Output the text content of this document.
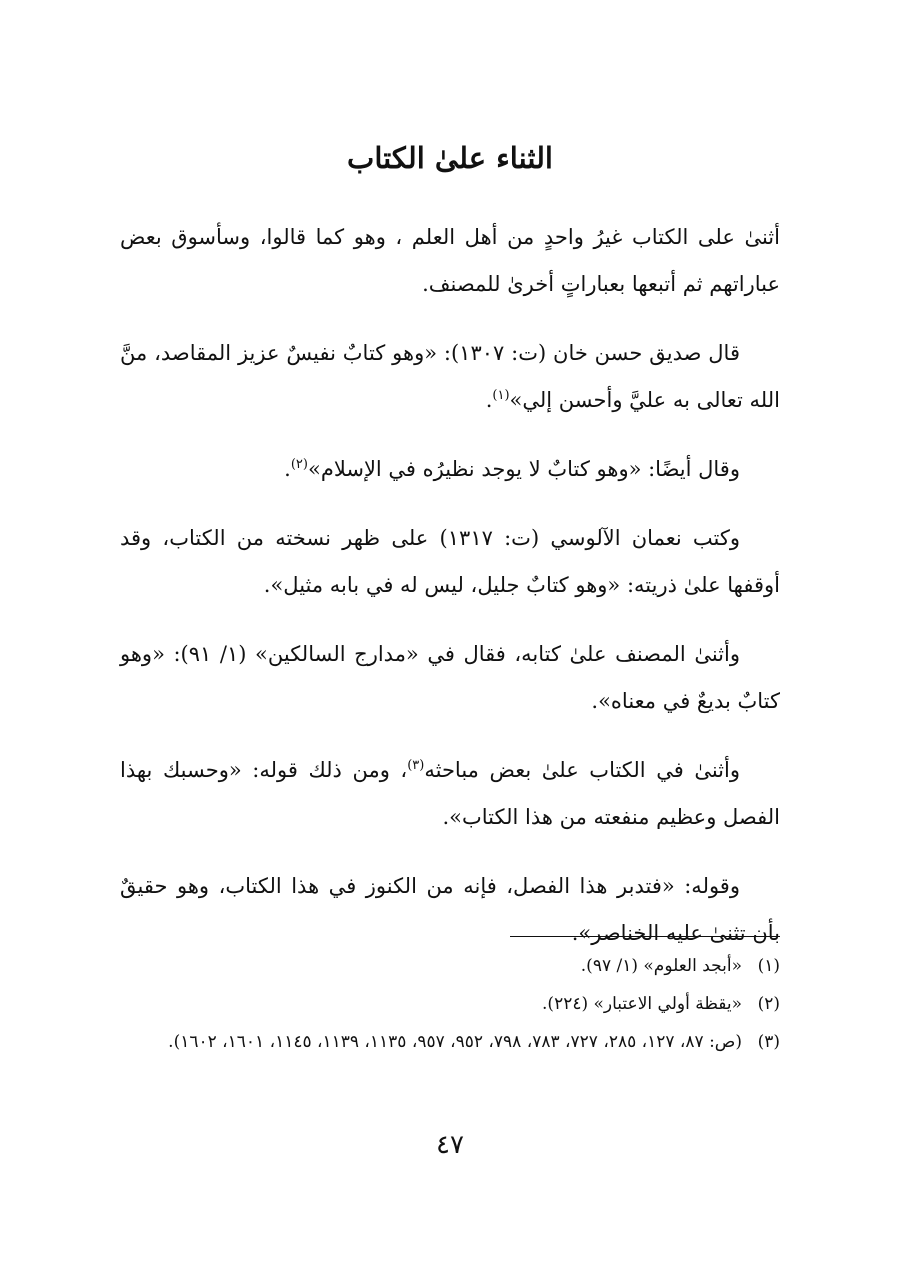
الثناء علىٰ الكتاب

أثنىٰ على الكتاب غيرُ واحدٍ من أهل العلم ، وهو كما قالوا، وسأسوق بعض عباراتهم ثم أتبعها بعباراتٍ أخرىٰ للمصنف.

قال صديق حسن خان (ت: ١٣٠٧): «وهو كتابٌ نفيسٌ عزيز المقاصد، منَّ الله تعالى به عليَّ وأحسن إلي»$^{(١)}$.

وقال أيضًا: «وهو كتابٌ لا يوجد نظيرُه في الإسلام»$^{(٢)}$.

وكتب نعمان الآلوسي (ت: ١٣١٧) على ظهر نسخته من الكتاب، وقد أوقفها علىٰ ذريته: «وهو كتابٌ جليل، ليس له في بابه مثيل».

وأثنىٰ المصنف علىٰ كتابه، فقال في «مدارج السالكين» (١/ ٩١): «وهو كتابٌ بديعٌ في معناه».

وأثنىٰ في الكتاب علىٰ بعض مباحثه$^{(٣)}$، ومن ذلك قوله: «وحسبك بهذا الفصل وعظيم منفعته من هذا الكتاب».

وقوله: «فتدبر هذا الفصل، فإنه من الكنوز في هذا الكتاب، وهو حقيقٌ بأن تثنىٰ عليه الخناصر».

(١)
«أبجد العلوم» (١/ ٩٧).
(٢)
«يقظة أولي الاعتبار» (٢٢٤).
(٣)
(ص: ٨٧، ١٢٧، ٢٨٥، ٧٢٧، ٧٨٣، ٧٩٨، ٩٥٢، ٩٥٧، ١١٣٥، ١١٣٩، ١١٤٥، ١٦٠١، ١٦٠٢).
٤٧
